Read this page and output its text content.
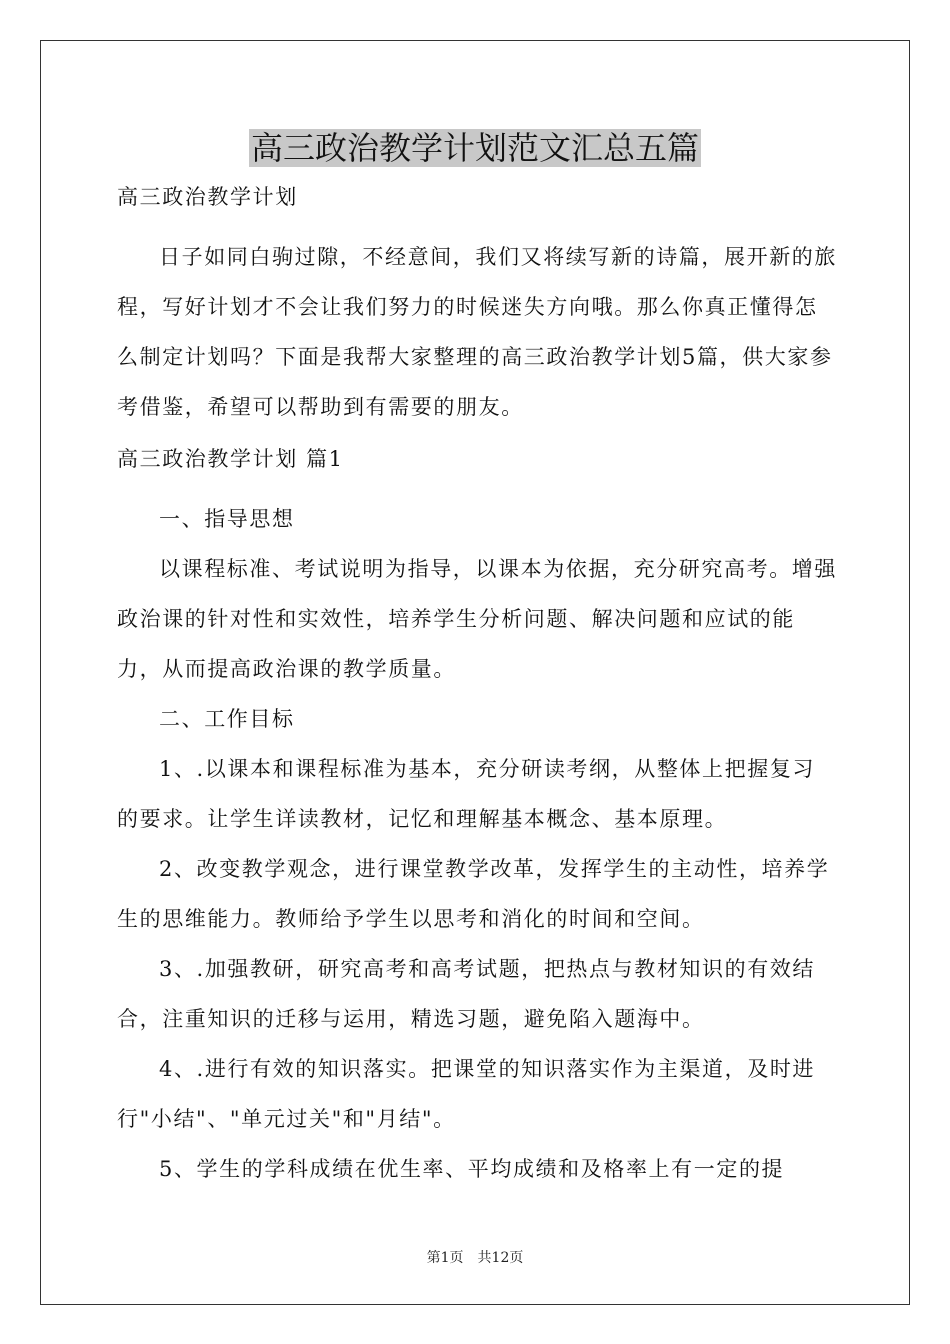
高三政治教学计划范文汇总五篇

高三政治教学计划

日子如同白驹过隙，不经意间，我们又将续写新的诗篇，展开新的旅程，写好计划才不会让我们努力的时候迷失方向哦。那么你真正懂得怎么制定计划吗？下面是我帮大家整理的高三政治教学计划5篇，供大家参考借鉴，希望可以帮助到有需要的朋友。

高三政治教学计划 篇1

一、指导思想

以课程标准、考试说明为指导，以课本为依据，充分研究高考。增强政治课的针对性和实效性，培养学生分析问题、解决问题和应试的能力，从而提高政治课的教学质量。

二、工作目标

1、.以课本和课程标准为基本，充分研读考纲，从整体上把握复习的要求。让学生详读教材，记忆和理解基本概念、基本原理。

2、改变教学观念，进行课堂教学改革，发挥学生的主动性，培养学生的思维能力。教师给予学生以思考和消化的时间和空间。

3、.加强教研，研究高考和高考试题，把热点与教材知识的有效结合，注重知识的迁移与运用，精选习题，避免陷入题海中。

4、.进行有效的知识落实。把课堂的知识落实作为主渠道，及时进行"小结"、"单元过关"和"月结"。

5、学生的学科成绩在优生率、平均成绩和及格率上有一定的提

第1页　共12页
